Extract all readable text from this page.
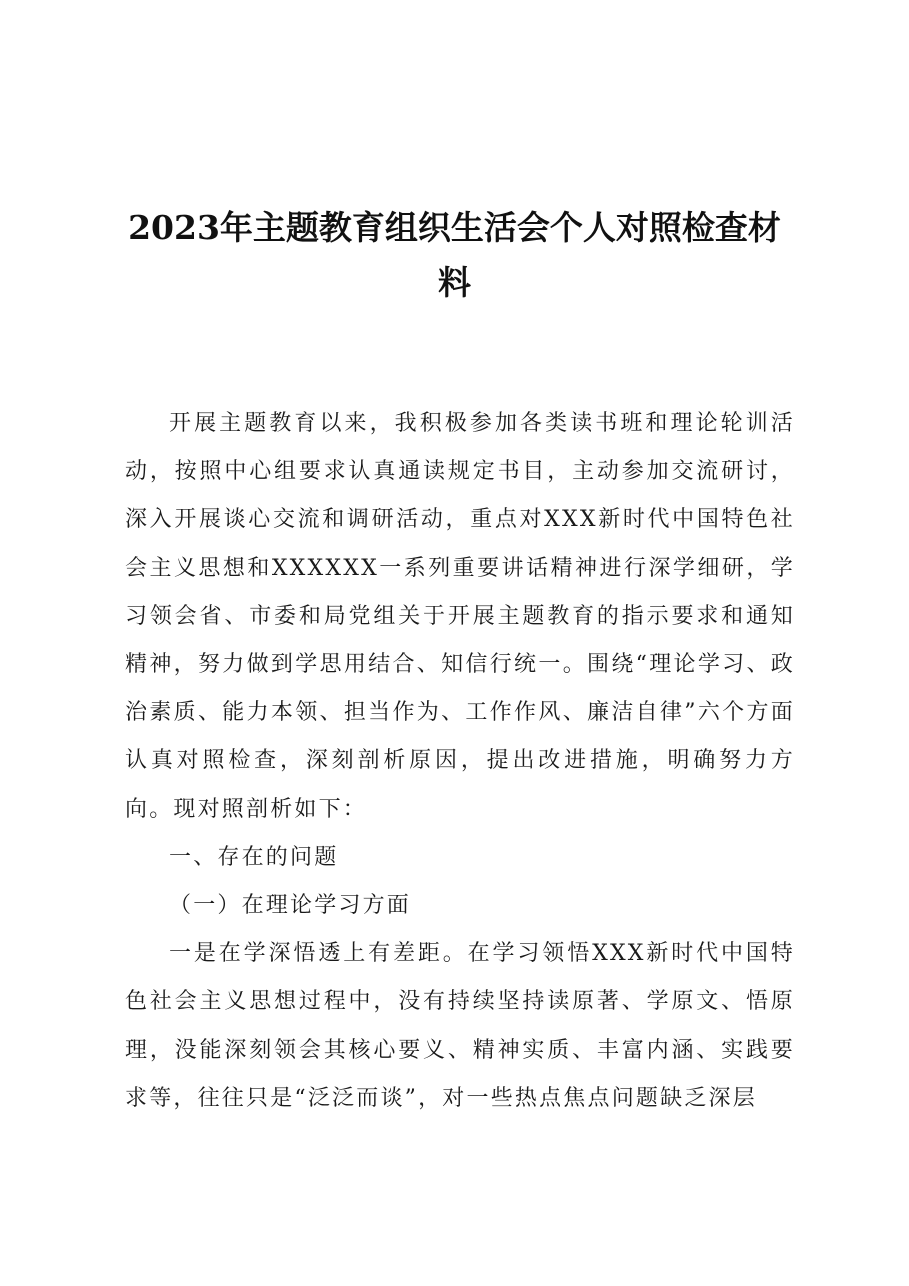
2023年主题教育组织生活会个人对照检查材料

开展主题教育以来，我积极参加各类读书班和理论轮训活动，按照中心组要求认真通读规定书目，主动参加交流研讨，深入开展谈心交流和调研活动，重点对XXX新时代中国特色社会主义思想和XXXXXX一系列重要讲话精神进行深学细研，学习领会省、市委和局党组关于开展主题教育的指示要求和通知精神，努力做到学思用结合、知信行统一。围绕“理论学习、政治素质、能力本领、担当作为、工作作风、廉洁自律”六个方面认真对照检查，深刻剖析原因，提出改进措施，明确努力方向。现对照剖析如下：

一、存在的问题

（一）在理论学习方面

一是在学深悟透上有差距。在学习领悟XXX新时代中国特色社会主义思想过程中，没有持续坚持读原著、学原文、悟原理，没能深刻领会其核心要义、精神实质、丰富内涵、实践要求等，往往只是“泛泛而谈”，对一些热点焦点问题缺乏深层
